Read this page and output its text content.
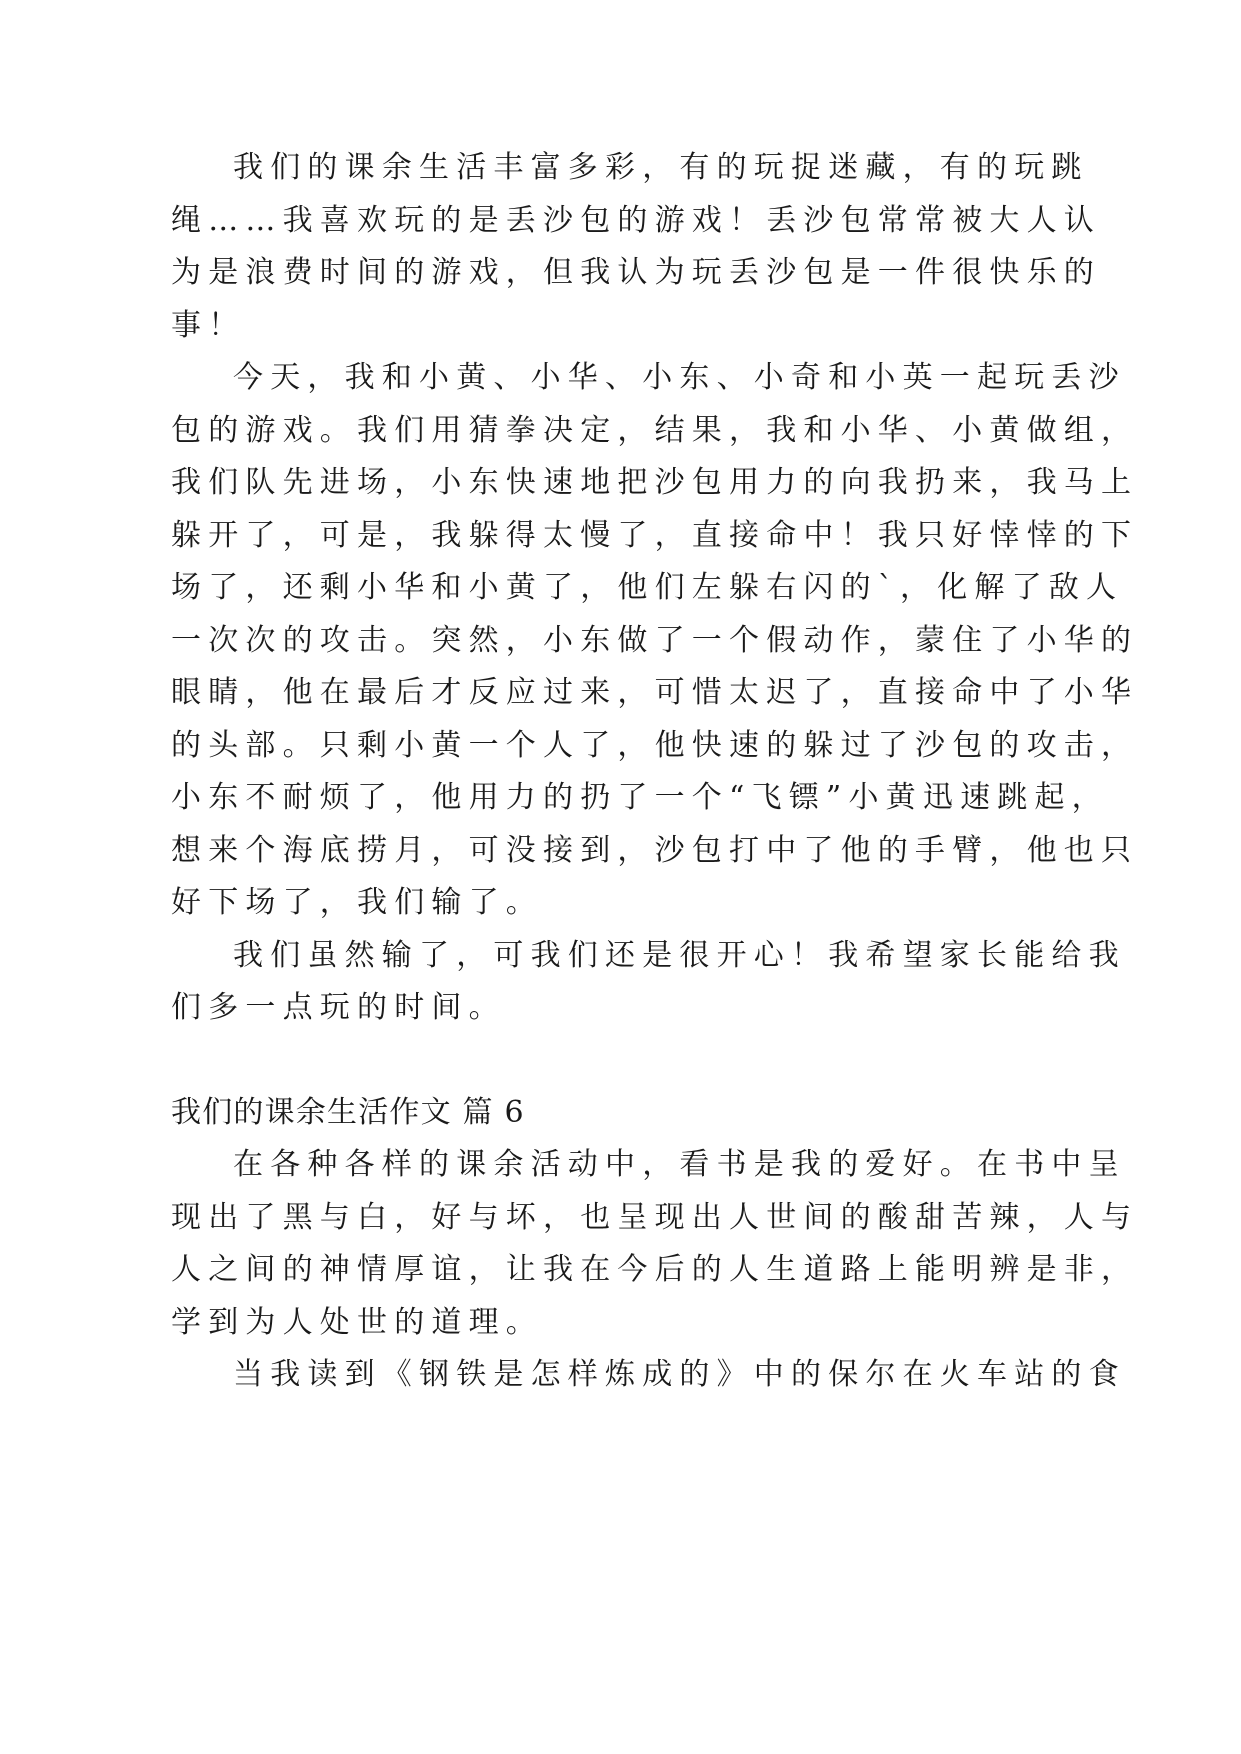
我们的课余生活丰富多彩，有的玩捉迷藏，有的玩跳
绳……我喜欢玩的是丢沙包的游戏！丢沙包常常被大人认
为是浪费时间的游戏，但我认为玩丢沙包是一件很快乐的
事！
今天，我和小黄、小华、小东、小奇和小英一起玩丢沙
包的游戏。我们用猜拳决定，结果，我和小华、小黄做组，
我们队先进场，小东快速地把沙包用力的向我扔来，我马上
躲开了，可是，我躲得太慢了，直接命中！我只好悻悻的下
场了，还剩小华和小黄了，他们左躲右闪的`，化解了敌人
一次次的攻击。突然，小东做了一个假动作，蒙住了小华的
眼睛，他在最后才反应过来，可惜太迟了，直接命中了小华
的头部。只剩小黄一个人了，他快速的躲过了沙包的攻击，
小东不耐烦了，他用力的扔了一个“飞镖”小黄迅速跳起，
想来个海底捞月，可没接到，沙包打中了他的手臂，他也只
好下场了，我们输了。
我们虽然输了，可我们还是很开心！我希望家长能给我
们多一点玩的时间。
我们的课余生活作文 篇 6
在各种各样的课余活动中，看书是我的爱好。在书中呈
现出了黑与白，好与坏，也呈现出人世间的酸甜苦辣，人与
人之间的神情厚谊，让我在今后的人生道路上能明辨是非，
学到为人处世的道理。
当我读到《钢铁是怎样炼成的》中的保尔在火车站的食
